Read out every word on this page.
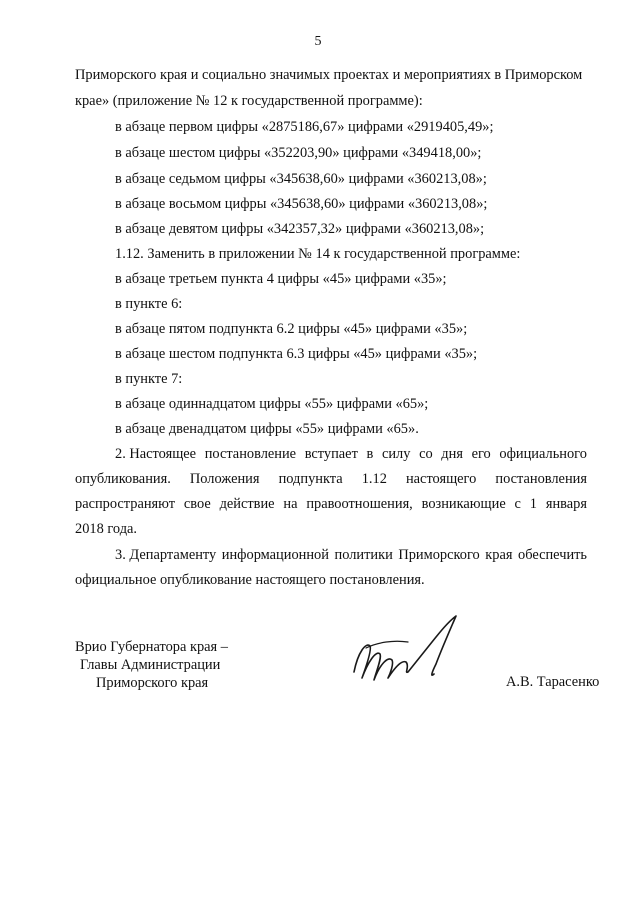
5
Приморского края и социально значимых проектах и мероприятиях в Приморском
крае» (приложение № 12 к государственной программе):
в абзаце первом цифры «2875186,67» цифрами «2919405,49»;
в абзаце шестом цифры «352203,90» цифрами «349418,00»;
в абзаце седьмом цифры «345638,60» цифрами «360213,08»;
в абзаце восьмом цифры «345638,60» цифрами «360213,08»;
в абзаце девятом цифры «342357,32» цифрами «360213,08»;
1.12. Заменить в приложении № 14 к государственной программе:
в абзаце третьем пункта 4 цифры «45» цифрами «35»;
в пункте 6:
в абзаце пятом подпункта 6.2 цифры «45» цифрами «35»;
в абзаце шестом подпункта 6.3 цифры «45» цифрами «35»;
в пункте 7:
в абзаце одиннадцатом цифры «55» цифрами «65»;
в абзаце двенадцатом цифры «55» цифрами «65».
2. Настоящее постановление вступает в силу со дня его официального
опубликования. Положения подпункта 1.12 настоящего постановления
распространяют свое действие на правоотношения, возникающие с 1 января
2018 года.
3. Департаменту информационной политики Приморского края обеспечить
официальное опубликование настоящего постановления.
Врио Губернатора края –
Главы Администрации
Приморского края	А.В. Тарасенко
